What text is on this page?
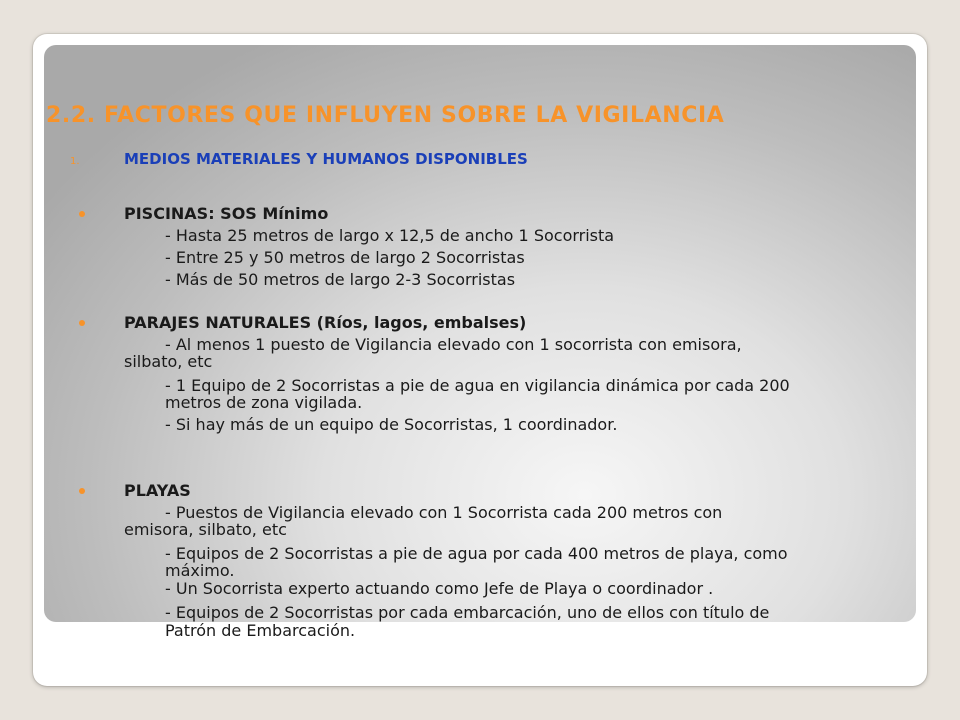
2.2. FACTORES QUE INFLUYEN SOBRE LA VIGILANCIA
1.	MEDIOS MATERIALES Y HUMANOS DISPONIBLES

PISCINAS: SOS Mínimo

- Hasta 25 metros de largo x 12,5 de ancho 1 Socorrista

- Entre 25 y 50 metros de largo 2 Socorristas

- Más de 50 metros de largo 2-3 Socorristas

PARAJES NATURALES (Ríos, lagos, embalses)

- Al menos 1 puesto de Vigilancia elevado con 1 socorrista con emisora,

silbato, etc

- 1 Equipo de 2 Socorristas a pie de agua en vigilancia dinámica por cada 200

metros de zona vigilada.

- Si hay más de un equipo de Socorristas, 1 coordinador.

PLAYAS

- Puestos de Vigilancia elevado con 1 Socorrista cada 200 metros con

emisora, silbato, etc

- Equipos de 2 Socorristas a pie de agua por cada 400 metros de playa, como

máximo.

- Un Socorrista experto actuando como Jefe de Playa o coordinador .

- Equipos de 2 Socorristas por cada embarcación, uno de ellos con título de

Patrón de Embarcación.
